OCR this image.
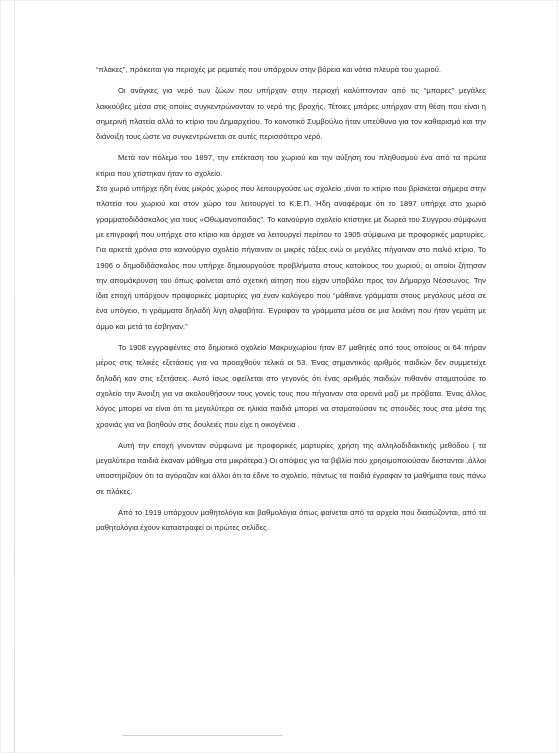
“πλάκες”, πρόκειται για περιοχές με ρεματιές που υπάρχουν στην βόρεια και νότια πλευρά του χωριού.

Οι ανάγκες για νερό των ζώων που υπήρχαν στην περιοχή καλύπτονταν από τις “μπαρες” μεγάλες λακκούβες μέσα στις οποίες συγκεντρώνονταν το νερό της βροχής. Τέτοιες μπάρες υπήρχαν στη θέση που είναι η σημερινή πλατεία αλλά το κτίριο του Δημαρχείου. Το κοινοτικό Συμβούλιο ήταν υπεύθυνο για τον καθαρισμό και την διάνοιξη τους ώστε να συγκεντρώνεται σε αυτές περισσότερο νερό.

Μετά τον πόλεμο του 1897, την επέκταση του χωριού και την αύξηση του πληθυσμού ένα από τα πρώτα κτίρια που χτίστηκαν ήταν το σχολείο.

Στο χωριό υπήρχε ήδη ένας μικρός χώρος που λειτουργούσε ως σχολείο ,είναι το κτίριο που βρίσκεται σήμερα στην πλατεία του χωριού και στον χώρο του λειτουργεί το Κ.Ε.Π. Ήδη αναφέραμε ότι το 1897 υπήρχε στο χωριό γραμματοδιδάσκαλος για τους «Οθωμανοπαιδας”. Το καινούργιο σχολείο κτίστηκε με δωρεά του Συγγρου σύμφωνα με επιγραφή που υπήρχε στο κτίριο και άρχισε να λειτουργεί περίπου το 1905 σύμφωνα με προφορικές μαρτυρίες. Για αρκετά χρόνια στο καινούργιο σχολείο πήγαιναν οι μικρές τάξεις ενώ οι μεγάλες πήγαιναν στο παλιό κτίριο. Το 1906 ο δημοδιδάσκαλος που υπήρχε δημιουργούσε προβλήματα στους κατοίκους του χωριού, οι οποίοι ζήτησαν την απομάκρυνση του όπως φαίνεται από σχετική αίτηση που είχαν υποβάλει προς τον Δήμαρχο Νέσσωνος. Την ίδια εποχή υπάρχουν προφορικές μαρτυρίες για έναν καλόγερο που “μάθαινε γράμματα στους μεγάλους μέσα σε ένα υπόγειο, τι γράμματα δηλαδή λίγη αλφαβήτα. Έγραφαν τα γράμματα μέσα σε μια λεκάνη που ήταν γεμάτη με άμμο και μετά τα έσβηναν.”

Το 1908 εγγραφέντες στο δημοτικό σχολείο Μακρυχωρίου ήταν 87 μαθητές από τους οποίους οι 64 πήραν μέρος στις τελικές εξετάσεις για να προαχθούν τελικά οι 53. Ένας σημαντικός αριθμός παιδιών δεν συμμετείχε δηλαδή καν στις εξετάσεις. Αυτό ίσως οφείλεται στο γεγονός ότι ένας αριθμός παιδιών πιθανόν σταματούσε το σχολείο την Άνοιξη για να ακολουθήσουν τους γονείς τους που πήγαιναν στα ορεινά μαζί με πρόβατα. Ένας άλλος λόγος μπορεί να είναι ότι τα μεγαλύτερα σε ηλικία παιδιά μπορεί να σταματούσαν τις σπουδές τους στα μέσα της χρονιάς για να βοηθούν στις δουλειές που είχε η οικογένεια .

Αυτή την εποχή γίνονταν σύμφωνα με προφορικές μαρτυρίες χρήση της αλληλοδιδακτικής μεθόδου ( τα μεγαλύτερα παιδιά έκαναν μάθημα στα μικρότερα.) Οι απόψεις για τα βιβλία που χρησιμοποιούσαν διίστανται ,άλλοι υποστηρίζουν ότι τα αγόραζαν και άλλοι ότι τα έδινε το σχολείο, πάντως τα παιδιά έγραφαν τα μαθήματα τους πάνω σε πλάκες.

Από το 1919 υπάρχουν μαθητολόγια και βαθμολόγια όπως φαίνεται από τα αρχεία που διασώζονται, από τα μαθητολόγια έχουν καταστραφεί οι πρώτες σελίδες.
